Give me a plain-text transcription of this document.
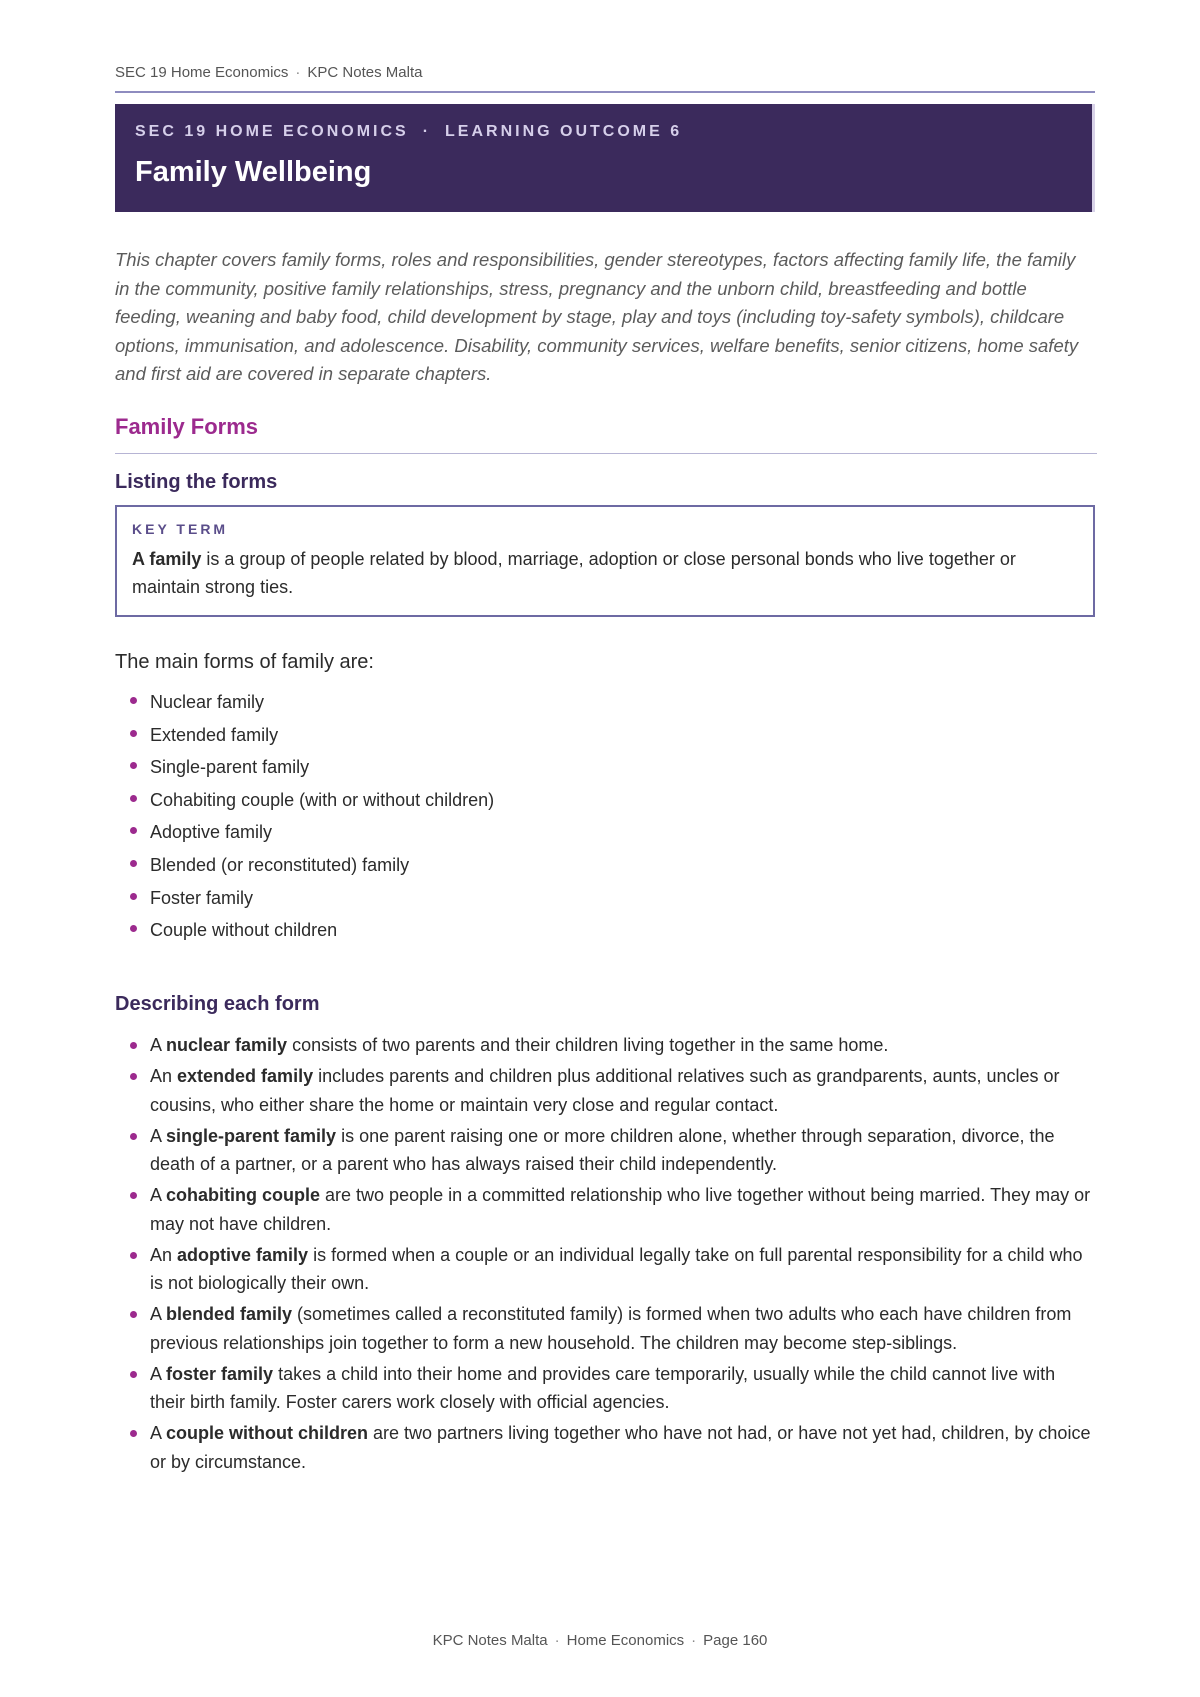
SEC 19 Home Economics · KPC Notes Malta
SEC 19 HOME ECONOMICS · LEARNING OUTCOME 6
Family Wellbeing
This chapter covers family forms, roles and responsibilities, gender stereotypes, factors affecting family life, the family in the community, positive family relationships, stress, pregnancy and the unborn child, breastfeeding and bottle feeding, weaning and baby food, child development by stage, play and toys (including toy-safety symbols), childcare options, immunisation, and adolescence. Disability, community services, welfare benefits, senior citizens, home safety and first aid are covered in separate chapters.
Family Forms
Listing the forms
KEY TERM
A family is a group of people related by blood, marriage, adoption or close personal bonds who live together or maintain strong ties.
The main forms of family are:
Nuclear family
Extended family
Single-parent family
Cohabiting couple (with or without children)
Adoptive family
Blended (or reconstituted) family
Foster family
Couple without children
Describing each form
A nuclear family consists of two parents and their children living together in the same home.
An extended family includes parents and children plus additional relatives such as grandparents, aunts, uncles or cousins, who either share the home or maintain very close and regular contact.
A single-parent family is one parent raising one or more children alone, whether through separation, divorce, the death of a partner, or a parent who has always raised their child independently.
A cohabiting couple are two people in a committed relationship who live together without being married. They may or may not have children.
An adoptive family is formed when a couple or an individual legally take on full parental responsibility for a child who is not biologically their own.
A blended family (sometimes called a reconstituted family) is formed when two adults who each have children from previous relationships join together to form a new household. The children may become step-siblings.
A foster family takes a child into their home and provides care temporarily, usually while the child cannot live with their birth family. Foster carers work closely with official agencies.
A couple without children are two partners living together who have not had, or have not yet had, children, by choice or by circumstance.
KPC Notes Malta · Home Economics · Page 160
